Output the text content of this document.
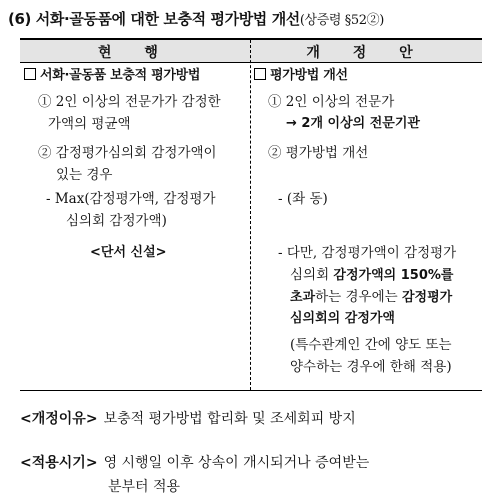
(6) 서화·골동품에 대한 보충적 평가방법 개선(상증령 §52②)
현 행	개 정 안
서화·골동품 보충적 평가방법
① 2인 이상의 전문가가 감정한
가액의 평균액
② 감정평가심의회 감정가액이
있는 경우
- Max(감정평가액, 감정평가
심의회 감정가액)
<단서 신설>
평가방법 개선
① 2인 이상의 전문가
→ 2개 이상의 전문기관
② 평가방법 개선
- (좌 동)
- 다만, 감정평가액이 감정평가
심의회 감정가액의 150%를
초과하는 경우에는 감정평가
심의회의 감정가액
(특수관계인 간에 양도 또는
양수하는 경우에 한해 적용)
<개정이유> 보충적 평가방법 합리화 및 조세회피 방지
<적용시기> 영 시행일 이후 상속이 개시되거나 증여받는
분부터 적용
